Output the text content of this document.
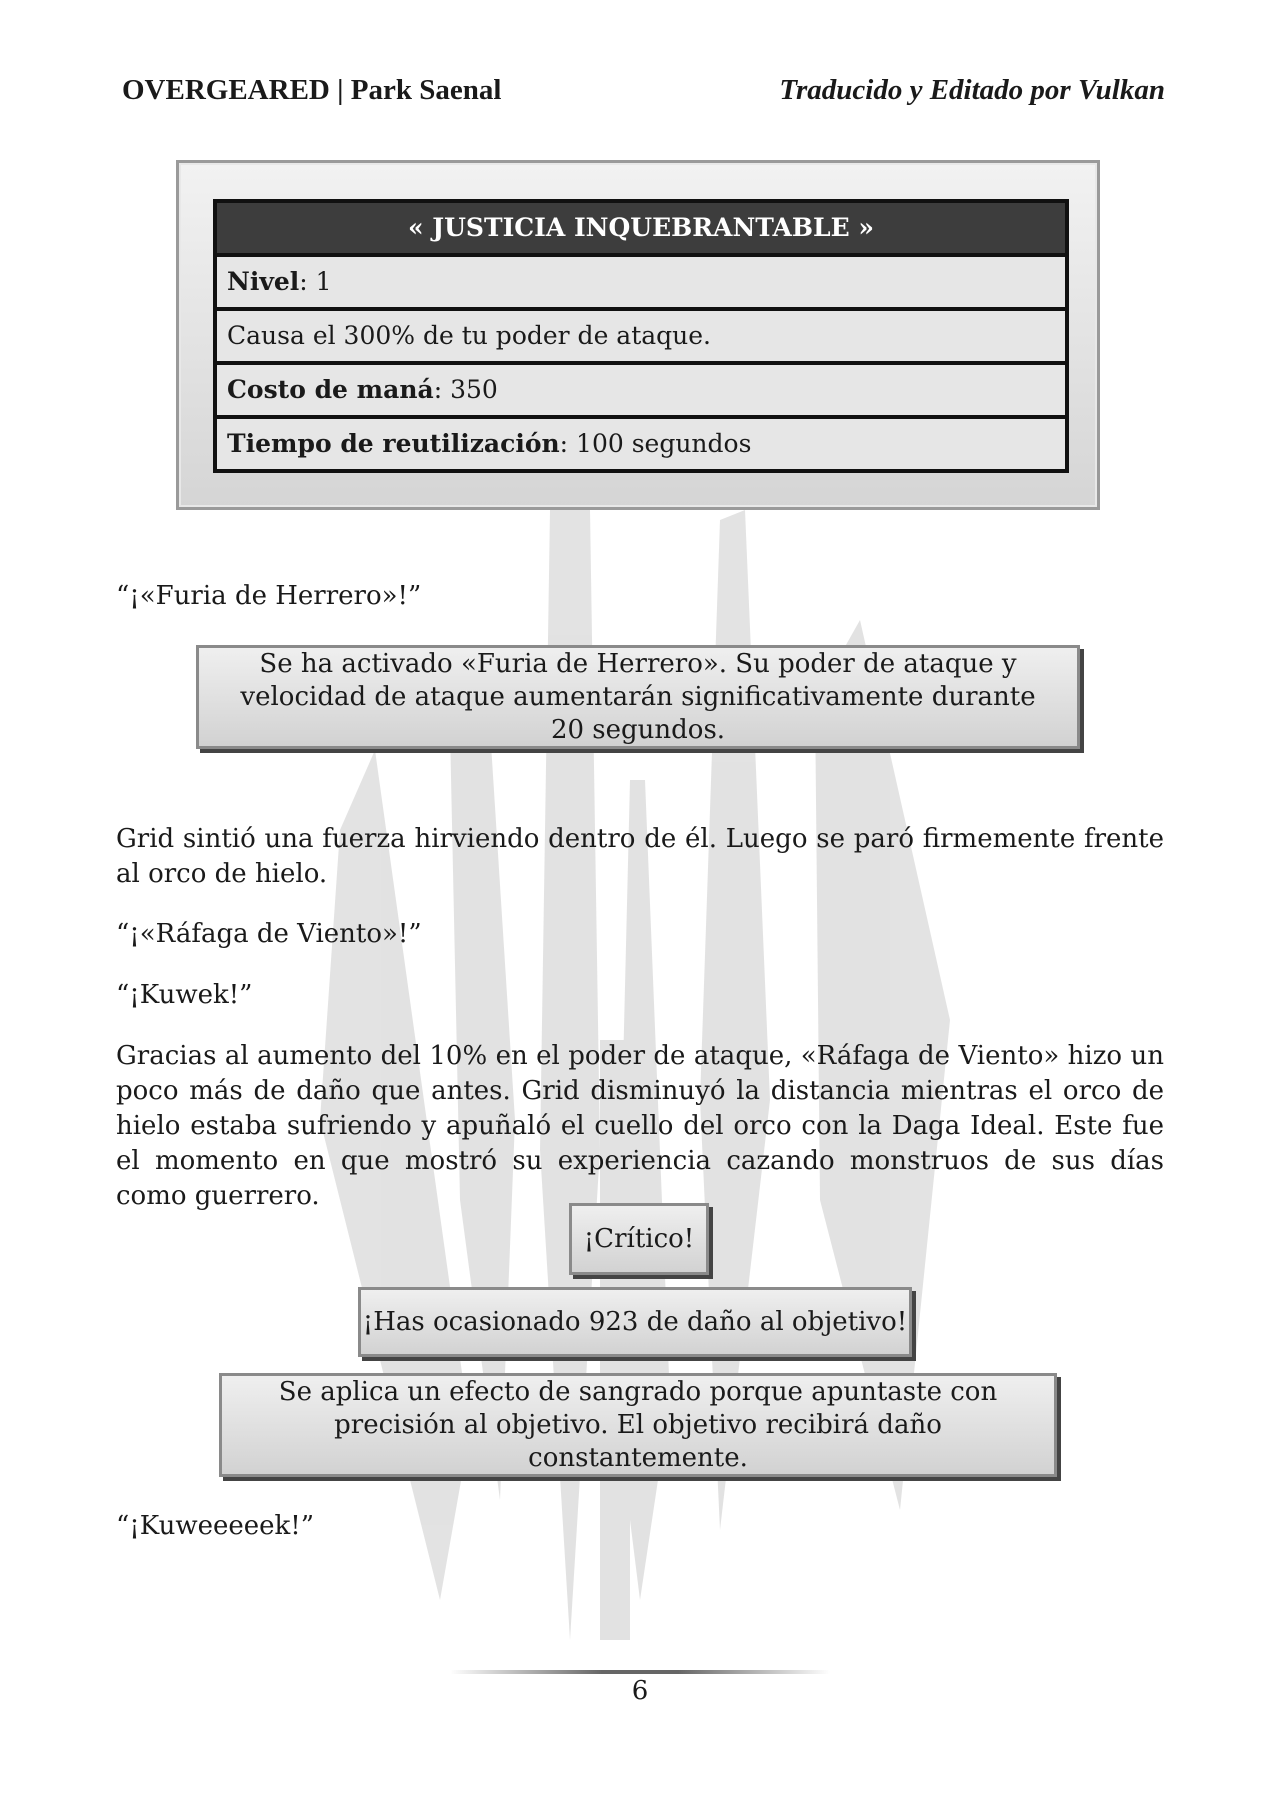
OVERGEARED | Park Saenal	Traducido y Editado por Vulkan
« JUSTICIA INQUEBRANTABLE »
Nivel: 1
Causa el 300% de tu poder de ataque.
Costo de maná: 350
Tiempo de reutilización: 100 segundos
“¡«Furia de Herrero»!”
Se ha activado «Furia de Herrero». Su poder de ataque y velocidad de ataque aumentarán significativamente durante 20 segundos.
Grid sintió una fuerza hirviendo dentro de él. Luego se paró firmemente frente al orco de hielo.
“¡«Ráfaga de Viento»!”
“¡Kuwek!”
Gracias al aumento del 10% en el poder de ataque, «Ráfaga de Viento» hizo un poco más de daño que antes. Grid disminuyó la distancia mientras el orco de hielo estaba sufriendo y apuñaló el cuello del orco con la Daga Ideal. Este fue el momento en que mostró su experiencia cazando monstruos de sus días como guerrero.
¡Crítico!
¡Has ocasionado 923 de daño al objetivo!
Se aplica un efecto de sangrado porque apuntaste con precisión al objetivo. El objetivo recibirá daño constantemente.
“¡Kuweeeeek!”
6
